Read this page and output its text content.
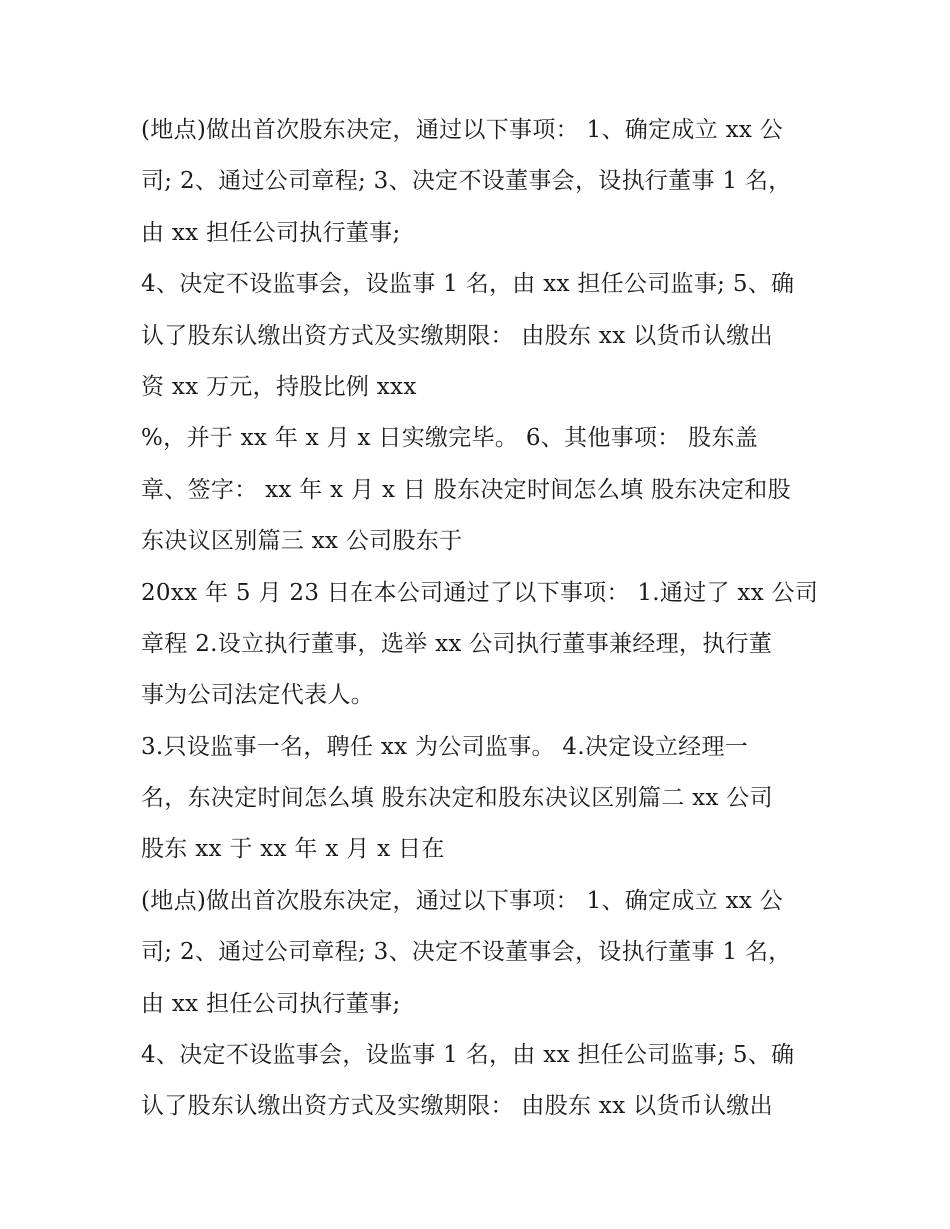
(地点)做出首次股东决定，通过以下事项： 1、确定成立 xx 公
司; 2、通过公司章程; 3、决定不设董事会，设执行董事 1 名，
由 xx 担任公司执行董事;
4、决定不设监事会，设监事 1 名，由 xx 担任公司监事; 5、确
认了股东认缴出资方式及实缴期限： 由股东 xx 以货币认缴出
资 xx 万元，持股比例 xxx
%，并于 xx 年 x 月 x 日实缴完毕。 6、其他事项： 股东盖
章、签字： xx 年 x 月 x 日 股东决定时间怎么填 股东决定和股
东决议区别篇三 xx 公司股东于
20xx 年 5 月 23 日在本公司通过了以下事项： 1.通过了 xx 公司
章程 2.设立执行董事，选举 xx 公司执行董事兼经理，执行董
事为公司法定代表人。
3.只设监事一名，聘任 xx 为公司监事。 4.决定设立经理一
名，东决定时间怎么填 股东决定和股东决议区别篇二 xx 公司
股东 xx 于 xx 年 x 月 x 日在
(地点)做出首次股东决定，通过以下事项： 1、确定成立 xx 公
司; 2、通过公司章程; 3、决定不设董事会，设执行董事 1 名，
由 xx 担任公司执行董事;
4、决定不设监事会，设监事 1 名，由 xx 担任公司监事; 5、确
认了股东认缴出资方式及实缴期限： 由股东 xx 以货币认缴出
